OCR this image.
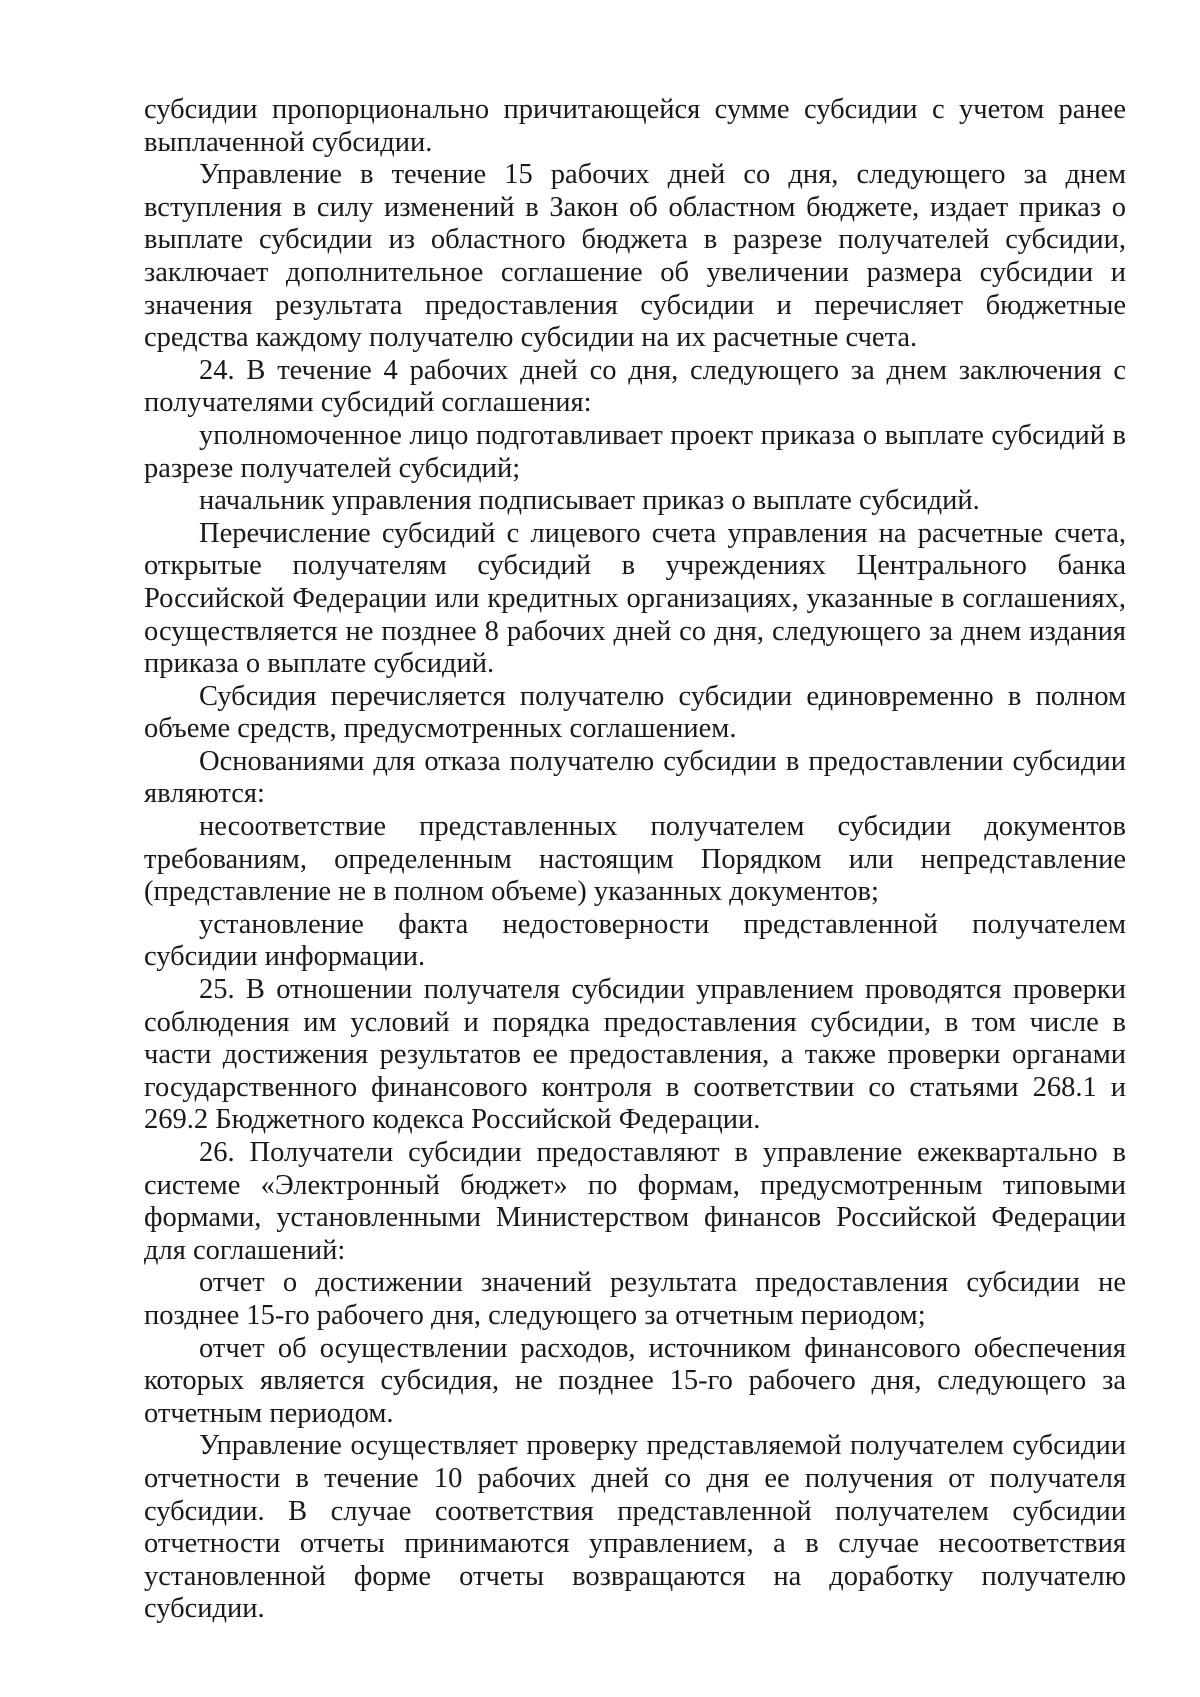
субсидии пропорционально причитающейся сумме субсидии с учетом ранее выплаченной субсидии.

Управление в течение 15 рабочих дней со дня, следующего за днем вступления в силу изменений в Закон об областном бюджете, издает приказ о выплате субсидии из областного бюджета в разрезе получателей субсидии, заключает дополнительное соглашение об увеличении размера субсидии и значения результата предоставления субсидии и перечисляет бюджетные средства каждому получателю субсидии на их расчетные счета.

24. В течение 4 рабочих дней со дня, следующего за днем заключения с получателями субсидий соглашения:

уполномоченное лицо подготавливает проект приказа о выплате субсидий в разрезе получателей субсидий;

начальник управления подписывает приказ о выплате субсидий.

Перечисление субсидий с лицевого счета управления на расчетные счета, открытые получателям субсидий в учреждениях Центрального банка Российской Федерации или кредитных организациях, указанные в соглашениях, осуществляется не позднее 8 рабочих дней со дня, следующего за днем издания приказа о выплате субсидий.

Субсидия перечисляется получателю субсидии единовременно в полном объеме средств, предусмотренных соглашением.

Основаниями для отказа получателю субсидии в предоставлении субсидии являются:

несоответствие представленных получателем субсидии документов требованиям, определенным настоящим Порядком или непредставление (представление не в полном объеме) указанных документов;

установление факта недостоверности представленной получателем субсидии информации.

25. В отношении получателя субсидии управлением проводятся проверки соблюдения им условий и порядка предоставления субсидии, в том числе в части достижения результатов ее предоставления, а также проверки органами государственного финансового контроля в соответствии со статьями 268.1 и 269.2 Бюджетного кодекса Российской Федерации.

26. Получатели субсидии предоставляют в управление ежеквартально в системе «Электронный бюджет» по формам, предусмотренным типовыми формами, установленными Министерством финансов Российской Федерации для соглашений:

отчет о достижении значений результата предоставления субсидии не позднее 15-го рабочего дня, следующего за отчетным периодом;

отчет об осуществлении расходов, источником финансового обеспечения которых является субсидия, не позднее 15-го рабочего дня, следующего за отчетным периодом.

Управление осуществляет проверку представляемой получателем субсидии отчетности в течение 10 рабочих дней со дня ее получения от получателя субсидии. В случае соответствия представленной получателем субсидии отчетности отчеты принимаются управлением, а в случае несоответствия установленной форме отчеты возвращаются на доработку получателю субсидии.
